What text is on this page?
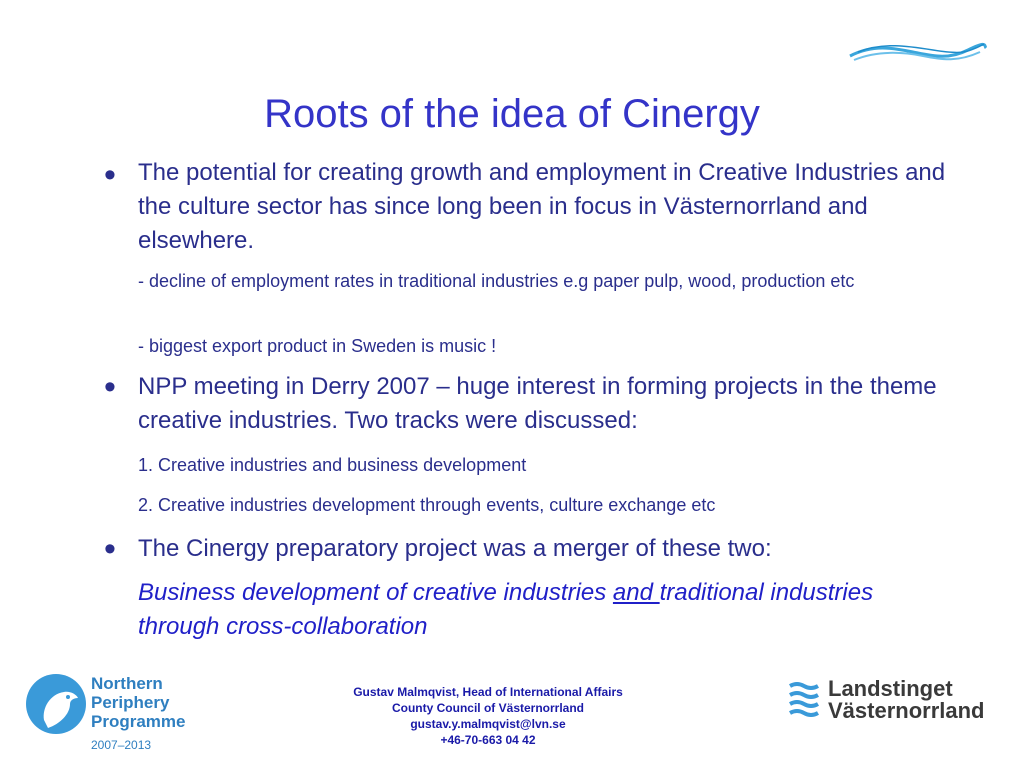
Roots of the idea of Cinergy
• The potential for creating growth and employment in Creative Industries and the culture sector has since long been in focus in Västernorrland and elsewhere.

- decline of employment rates in traditional industries e.g paper pulp, wood, production etc

- biggest export product in Sweden is music !

• NPP meeting in Derry 2007 – huge interest in forming projects in the theme creative industries. Two tracks were discussed:

1. Creative industries and business development

2. Creative industries development through events, culture exchange etc

• The Cinergy preparatory project was a merger of these two:

Business development of creative industries and traditional industries through cross-collaboration

Northern
Periphery
Programme
2007–2013
Gustav Malmqvist, Head of International Affairs
County Council of Västernorrland
gustav.y.malmqvist@lvn.se
+46-70-663 04 42
Landstinget
Västernorrland
